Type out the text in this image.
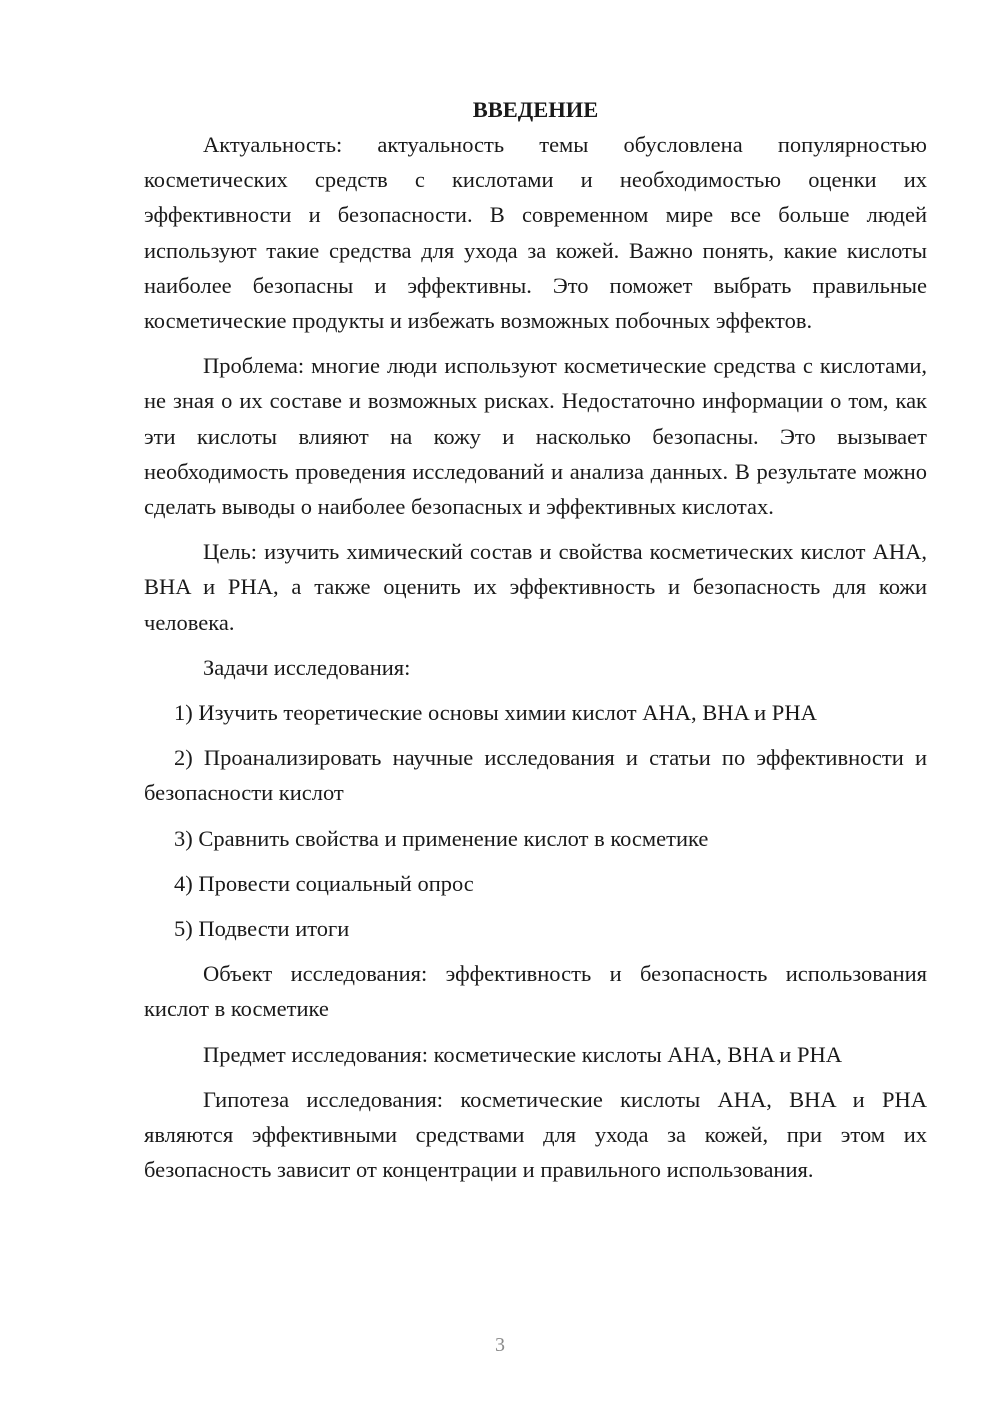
ВВЕДЕНИЕ

Актуальность: актуальность темы обусловлена популярностью косметических средств с кислотами и необходимостью оценки их эффективности и безопасности. В современном мире все больше людей используют такие средства для ухода за кожей. Важно понять, какие кислоты наиболее безопасны и эффективны. Это поможет выбрать правильные косметические продукты и избежать возможных побочных эффектов.

Проблема: многие люди используют косметические средства с кислотами, не зная о их составе и возможных рисках. Недостаточно информации о том, как эти кислоты влияют на кожу и насколько безопасны. Это вызывает необходимость проведения исследований и анализа данных. В результате можно сделать выводы о наиболее безопасных и эффективных кислотах.

Цель: изучить химический состав и свойства косметических кислот AHA, BHA и PHA, а также оценить их эффективность и безопасность для кожи человека.

Задачи исследования:

1) Изучить теоретические основы химии кислот AHA, BHA и PHA

2) Проанализировать научные исследования и статьи по эффективности и безопасности кислот

3) Сравнить свойства и применение кислот в косметике

4) Провести социальный опрос

5) Подвести итоги

Объект исследования: эффективность и безопасность использования кислот в косметике

Предмет исследования: косметические кислоты AHA, BHA и PHA

Гипотеза исследования: косметические кислоты AHA, BHA и PHA являются эффективными средствами для ухода за кожей, при этом их безопасность зависит от концентрации и правильного использования.

3
